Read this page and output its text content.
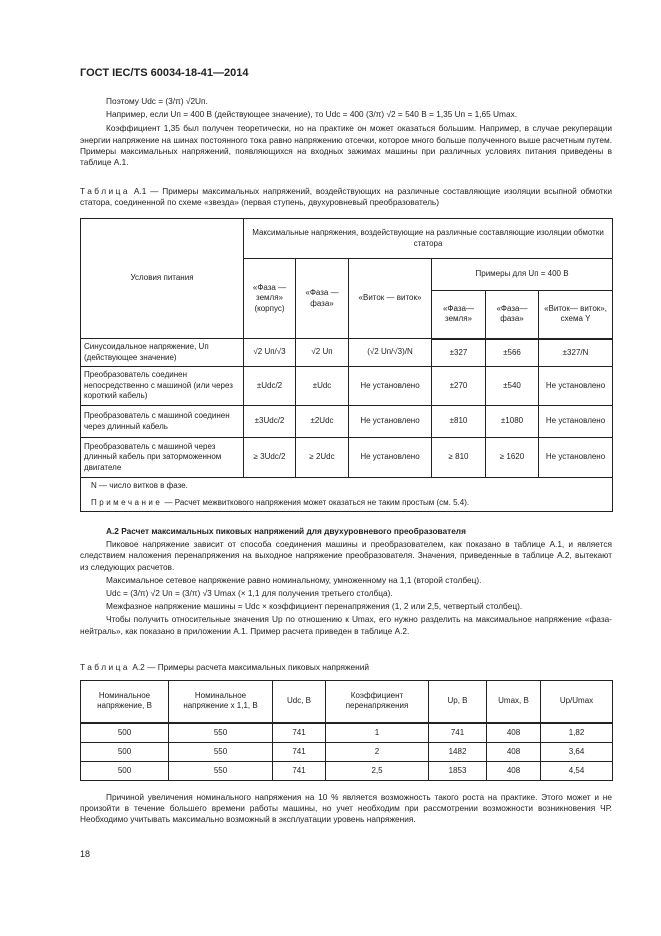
ГОСТ IEC/TS 60034-18-41—2014

Поэтому Udc = (3/π) √2Uп.

Например, если Uп = 400 В (действующее значение), то Udc = 400 (3/π) √2 = 540 В = 1,35 Uп = 1,65 Umax.

Коэффициент 1,35 был получен теоретически, но на практике он может оказаться большим. Например, в случае рекуперации энергии напряжение на шинах постоянного тока равно напряжению отсечки, которое много больше полученного выше расчетным путем. Примеры максимальных напряжений, появляющихся на входных зажимах машины при различных условиях питания приведены в таблице А.1.

Таблица А.1 — Примеры максимальных напряжений, воздействующих на различные составляющие изоляции всыпной обмотки статора, соединенной по схеме «звезда» (первая ступень, двухуровневый преобразователь)

Условия питания	Максимальные напряжения, воздействующие на различные составляющие изоляции обмотки статора					
	«Фаза — земля» (корпус)	«Фаза — фаза»	«Виток — виток»	Примеры для Uп = 400 В		
				«Фаза— земля»	«Фаза— фаза»	«Виток— виток», схема Y
Синусоидальное напряжение, Uп (действующее значение)	√2 Uп/√3	√2 Uп	(√2 Uп/√3)/N	±327	±566	±327/N
Преобразователь соединен непосредственно с машиной (или через короткий кабель)	±Udc/2	±Udc	Не установлено	±270	±540	Не установлено
Преобразователь с машиной соединен через длинный кабель	±3Udc/2	±2Udc	Не установлено	±810	±1080	Не установлено
Преобразователь с машиной через длинный кабель при заторможенном двигателе	≥ 3Udc/2	≥ 2Udc	Не установлено	≥ 810	≥ 1620	Не установлено

N — число витков в фазе.
Примечание — Расчет межвиткового напряжения может оказаться не таким простым (см. 5.4).						

А.2 Расчет максимальных пиковых напряжений для двухуровневого преобразователя

Пиковое напряжение зависит от способа соединения машины и преобразователем, как показано в таблице А.1, и является следствием наложения перенапряжения на выходное напряжение преобразователя. Значения, приведенные в таблице А.2, вытекают из следующих расчетов.

Максимальное сетевое напряжение равно номинальному, умноженному на 1,1 (второй столбец).

Udc = (3/π) √2 Uп = (3/π) √3 Umax (× 1,1 для получения третьего столбца).

Межфазное напряжение машины = Udc × коэффициент перенапряжения (1, 2 или 2,5, четвертый столбец).

Чтобы получить относительные значения Up по отношению к Umax, его нужно разделить на максимальное напряжение «фаза-нейтраль», как показано в приложении А.1. Пример расчета приведен в таблице А.2.

Таблица А.2 — Примеры расчета максимальных пиковых напряжений

Номинальное напряжение, В	Номинальное напряжение х 1,1, В	Udc, В	Коэффициент перенапряжения	Up, В	Umax, В	Up/Umax
500	550	741	1	741	408	1,82
500	550	741	2	1482	408	3,64
500	550	741	2,5	1853	408	4,54

Причиной увеличения номинального напряжения на 10 % является возможность такого роста на практике. Этого может и не произойти в течение большего времени работы машины, но учет необходим при рассмотрении возможности возникновения ЧР. Необходимо учитывать максимально возможный в эксплуатации уровень напряжения.

18
